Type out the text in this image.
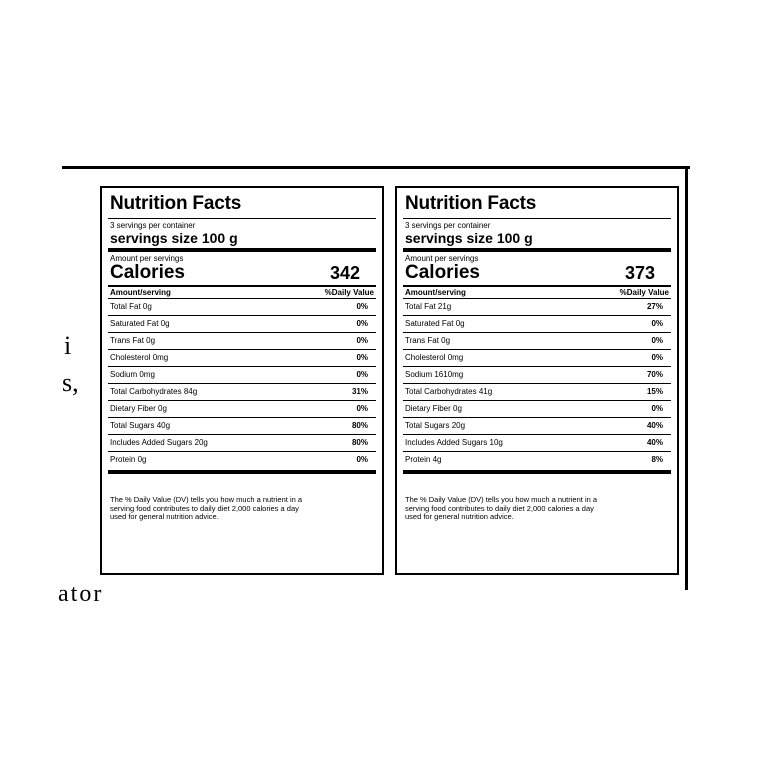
i
s,
ator
Nutrition Facts
3 servings per container
servings size 100 g
Amount per servings
Calories	342
Amount/serving	%Daily Value
Total Fat 0g	0%
Saturated Fat 0g	0%
Trans Fat 0g	0%
Cholesterol 0mg	0%
Sodium 0mg	0%
Total Carbohydrates 84g	31%
Dietary Fiber 0g	0%
Total Sugars 40g	80%
Includes Added Sugars 20g	80%
Protein 0g	0%
The % Daily Value (DV) tells you how much a nutrient in a
serving food contributes to daily diet 2,000 calories a day
used for general nutrition advice.
Nutrition Facts
3 servings per container
servings size 100 g
Amount per servings
Calories	373
Amount/serving	%Daily Value
Total Fat 21g	27%
Saturated Fat 0g	0%
Trans Fat 0g	0%
Cholesterol 0mg	0%
Sodium 1610mg	70%
Total Carbohydrates 41g	15%
Dietary Fiber 0g	0%
Total Sugars 20g	40%
Includes Added Sugars 10g	40%
Protein 4g	8%
The % Daily Value (DV) tells you how much a nutrient in a
serving food contributes to daily diet 2,000 calories a day
used for general nutrition advice.
